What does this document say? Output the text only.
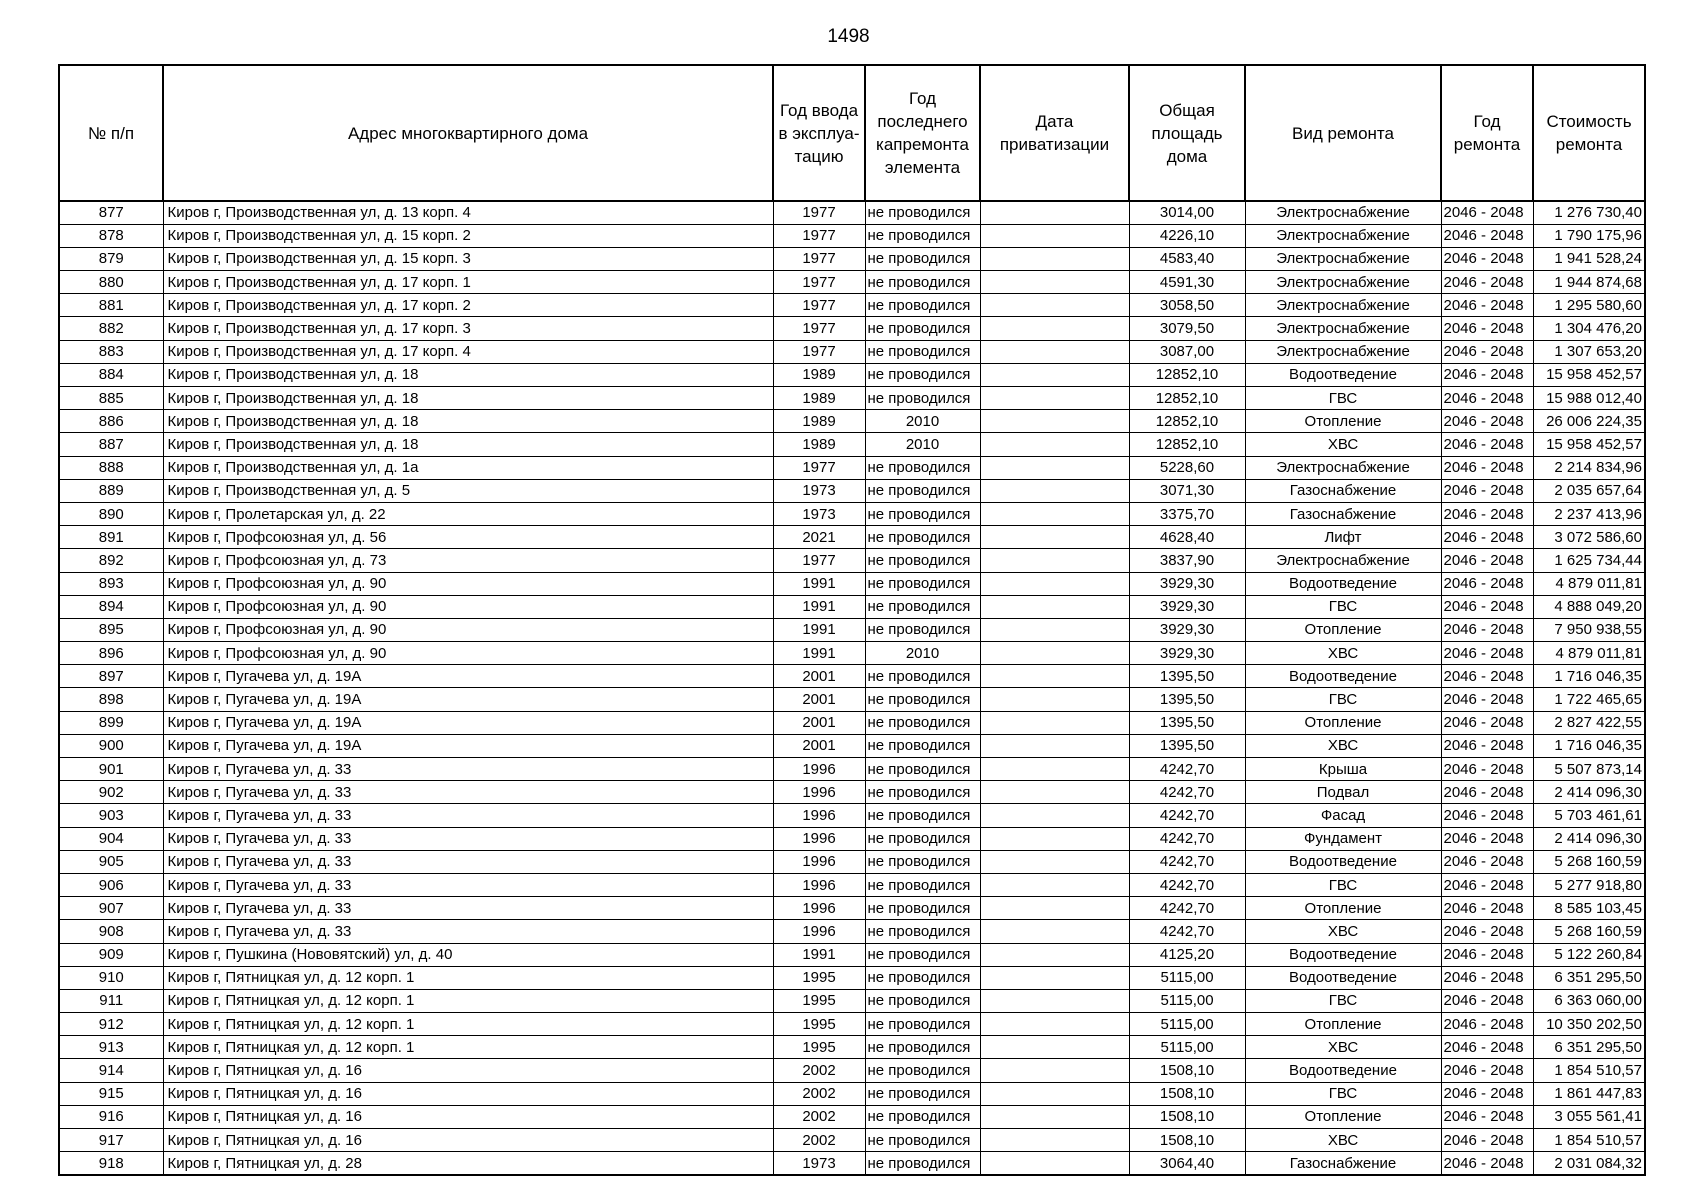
1498
№ п/п	Адрес многоквартирного дома	Год ввода в эксплуа-тацию	Год последнего капремонта элемента	Дата приватизации	Общая площадь дома	Вид ремонта	Год ремонта	Стоимость ремонта
877	Киров г, Производственная ул, д. 13 корп. 4	1977	не проводился		3014,00	Электроснабжение	2046 - 2048	1 276 730,40
878	Киров г, Производственная ул, д. 15 корп. 2	1977	не проводился		4226,10	Электроснабжение	2046 - 2048	1 790 175,96
879	Киров г, Производственная ул, д. 15 корп. 3	1977	не проводился		4583,40	Электроснабжение	2046 - 2048	1 941 528,24
880	Киров г, Производственная ул, д. 17 корп. 1	1977	не проводился		4591,30	Электроснабжение	2046 - 2048	1 944 874,68
881	Киров г, Производственная ул, д. 17 корп. 2	1977	не проводился		3058,50	Электроснабжение	2046 - 2048	1 295 580,60
882	Киров г, Производственная ул, д. 17 корп. 3	1977	не проводился		3079,50	Электроснабжение	2046 - 2048	1 304 476,20
883	Киров г, Производственная ул, д. 17 корп. 4	1977	не проводился		3087,00	Электроснабжение	2046 - 2048	1 307 653,20
884	Киров г, Производственная ул, д. 18	1989	не проводился		12852,10	Водоотведение	2046 - 2048	15 958 452,57
885	Киров г, Производственная ул, д. 18	1989	не проводился		12852,10	ГВС	2046 - 2048	15 988 012,40
886	Киров г, Производственная ул, д. 18	1989	2010		12852,10	Отопление	2046 - 2048	26 006 224,35
887	Киров г, Производственная ул, д. 18	1989	2010		12852,10	ХВС	2046 - 2048	15 958 452,57
888	Киров г, Производственная ул, д. 1а	1977	не проводился		5228,60	Электроснабжение	2046 - 2048	2 214 834,96
889	Киров г, Производственная ул, д. 5	1973	не проводился		3071,30	Газоснабжение	2046 - 2048	2 035 657,64
890	Киров г, Пролетарская ул, д. 22	1973	не проводился		3375,70	Газоснабжение	2046 - 2048	2 237 413,96
891	Киров г, Профсоюзная ул, д. 56	2021	не проводился		4628,40	Лифт	2046 - 2048	3 072 586,60
892	Киров г, Профсоюзная ул, д. 73	1977	не проводился		3837,90	Электроснабжение	2046 - 2048	1 625 734,44
893	Киров г, Профсоюзная ул, д. 90	1991	не проводился		3929,30	Водоотведение	2046 - 2048	4 879 011,81
894	Киров г, Профсоюзная ул, д. 90	1991	не проводился		3929,30	ГВС	2046 - 2048	4 888 049,20
895	Киров г, Профсоюзная ул, д. 90	1991	не проводился		3929,30	Отопление	2046 - 2048	7 950 938,55
896	Киров г, Профсоюзная ул, д. 90	1991	2010		3929,30	ХВС	2046 - 2048	4 879 011,81
897	Киров г, Пугачева ул, д. 19А	2001	не проводился		1395,50	Водоотведение	2046 - 2048	1 716 046,35
898	Киров г, Пугачева ул, д. 19А	2001	не проводился		1395,50	ГВС	2046 - 2048	1 722 465,65
899	Киров г, Пугачева ул, д. 19А	2001	не проводился		1395,50	Отопление	2046 - 2048	2 827 422,55
900	Киров г, Пугачева ул, д. 19А	2001	не проводился		1395,50	ХВС	2046 - 2048	1 716 046,35
901	Киров г, Пугачева ул, д. 33	1996	не проводился		4242,70	Крыша	2046 - 2048	5 507 873,14
902	Киров г, Пугачева ул, д. 33	1996	не проводился		4242,70	Подвал	2046 - 2048	2 414 096,30
903	Киров г, Пугачева ул, д. 33	1996	не проводился		4242,70	Фасад	2046 - 2048	5 703 461,61
904	Киров г, Пугачева ул, д. 33	1996	не проводился		4242,70	Фундамент	2046 - 2048	2 414 096,30
905	Киров г, Пугачева ул, д. 33	1996	не проводился		4242,70	Водоотведение	2046 - 2048	5 268 160,59
906	Киров г, Пугачева ул, д. 33	1996	не проводился		4242,70	ГВС	2046 - 2048	5 277 918,80
907	Киров г, Пугачева ул, д. 33	1996	не проводился		4242,70	Отопление	2046 - 2048	8 585 103,45
908	Киров г, Пугачева ул, д. 33	1996	не проводился		4242,70	ХВС	2046 - 2048	5 268 160,59
909	Киров г, Пушкина (Нововятский) ул, д. 40	1991	не проводился		4125,20	Водоотведение	2046 - 2048	5 122 260,84
910	Киров г, Пятницкая ул, д. 12 корп. 1	1995	не проводился		5115,00	Водоотведение	2046 - 2048	6 351 295,50
911	Киров г, Пятницкая ул, д. 12 корп. 1	1995	не проводился		5115,00	ГВС	2046 - 2048	6 363 060,00
912	Киров г, Пятницкая ул, д. 12 корп. 1	1995	не проводился		5115,00	Отопление	2046 - 2048	10 350 202,50
913	Киров г, Пятницкая ул, д. 12 корп. 1	1995	не проводился		5115,00	ХВС	2046 - 2048	6 351 295,50
914	Киров г, Пятницкая ул, д. 16	2002	не проводился		1508,10	Водоотведение	2046 - 2048	1 854 510,57
915	Киров г, Пятницкая ул, д. 16	2002	не проводился		1508,10	ГВС	2046 - 2048	1 861 447,83
916	Киров г, Пятницкая ул, д. 16	2002	не проводился		1508,10	Отопление	2046 - 2048	3 055 561,41
917	Киров г, Пятницкая ул, д. 16	2002	не проводился		1508,10	ХВС	2046 - 2048	1 854 510,57
918	Киров г, Пятницкая ул, д. 28	1973	не проводился		3064,40	Газоснабжение	2046 - 2048	2 031 084,32
